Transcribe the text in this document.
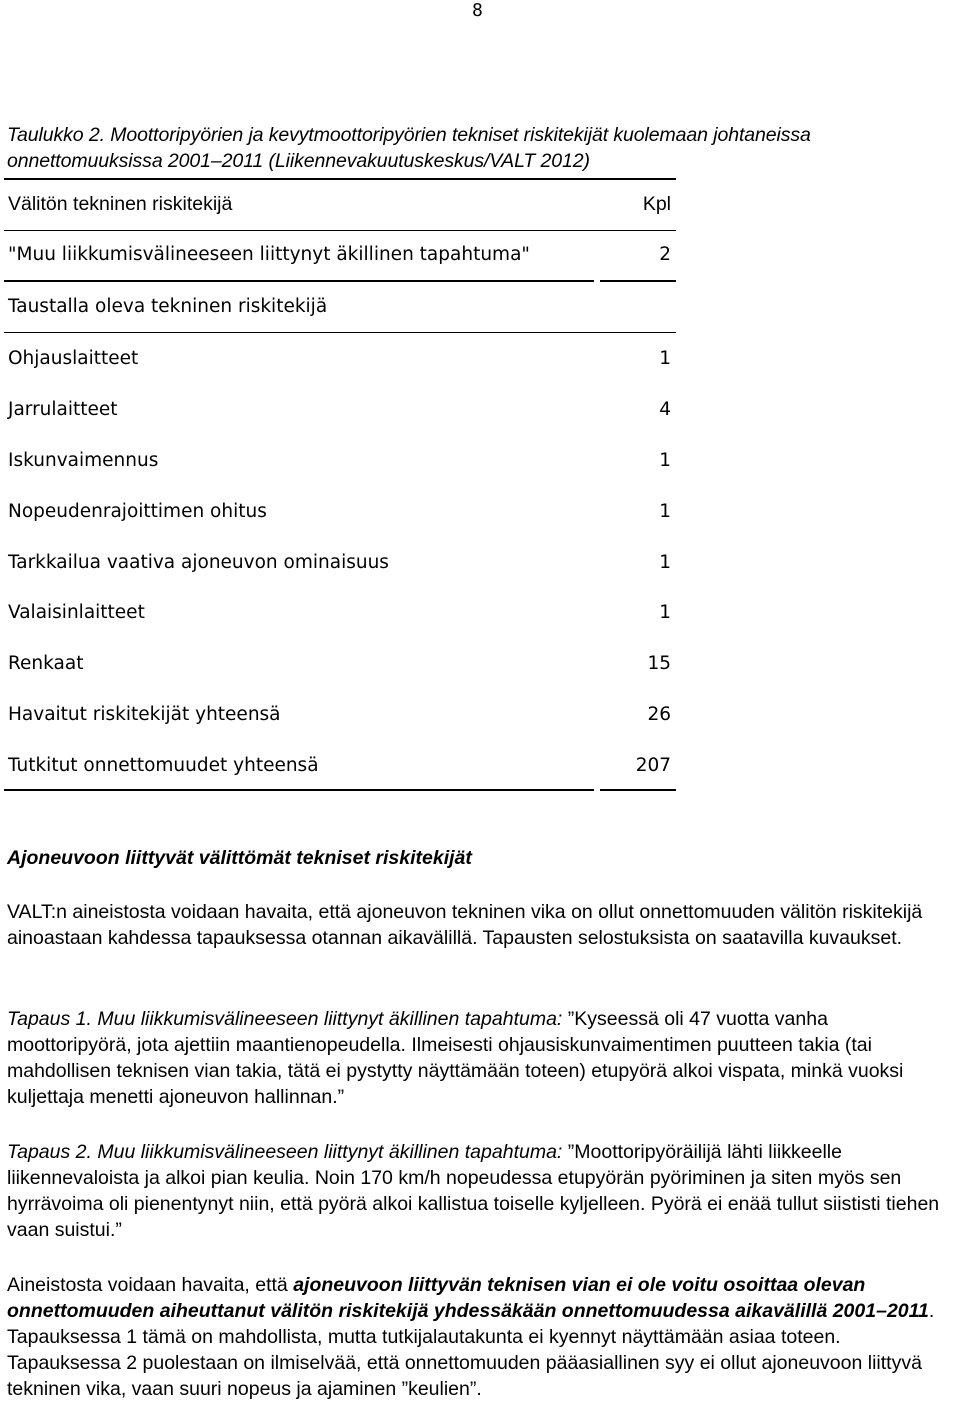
8
Taulukko 2. Moottoripyörien ja kevytmoottoripyörien tekniset riskitekijät kuolemaan johtaneissa onnettomuuksissa 2001–2011 (Liikennevakuutuskeskus/VALT 2012)
Välitön tekninen riskitekijä	Kpl
"Muu liikkumisvälineeseen liittynyt äkillinen tapahtuma"	2
Taustalla oleva tekninen riskitekijä
Ohjauslaitteet	1
Jarrulaitteet	4
Iskunvaimennus	1
Nopeudenrajoittimen ohitus	1
Tarkkailua vaativa ajoneuvon ominaisuus	1
Valaisinlaitteet	1
Renkaat	15
Havaitut riskitekijät yhteensä	26
Tutkitut onnettomuudet yhteensä	207
Ajoneuvoon liittyvät välittömät tekniset riskitekijät
VALT:n aineistosta voidaan havaita, että ajoneuvon tekninen vika on ollut onnettomuuden välitön riskitekijä ainoastaan kahdessa tapauksessa otannan aikavälillä. Tapausten selostuksista on saatavilla kuvaukset.
Tapaus 1. Muu liikkumisvälineeseen liittynyt äkillinen tapahtuma: ”Kyseessä oli 47 vuotta vanha moottoripyörä, jota ajettiin maantienopeudella. Ilmeisesti ohjausiskunvaimentimen puutteen takia (tai mahdollisen teknisen vian takia, tätä ei pystytty näyttämään toteen) etupyörä alkoi vispata, minkä vuoksi kuljettaja menetti ajoneuvon hallinnan.”
Tapaus 2. Muu liikkumisvälineeseen liittynyt äkillinen tapahtuma: ”Moottoripyöräilijä lähti liikkeelle liikennevaloista ja alkoi pian keulia. Noin 170 km/h nopeudessa etupyörän pyöriminen ja siten myös sen hyrrävoima oli pienentynyt niin, että pyörä alkoi kallistua toiselle kyljelleen. Pyörä ei enää tullut siististi tiehen vaan suistui.”
Aineistosta voidaan havaita, että ajoneuvoon liittyvän teknisen vian ei ole voitu osoittaa olevan onnettomuuden aiheuttanut välitön riskitekijä yhdessäkään onnettomuudessa aikavälillä 2001–2011. Tapauksessa 1 tämä on mahdollista, mutta tutkijalautakunta ei kyennyt näyttämään asiaa toteen. Tapauksessa 2 puolestaan on ilmiselvää, että onnettomuuden pääasiallinen syy ei ollut ajoneuvoon liittyvä tekninen vika, vaan suuri nopeus ja ajaminen ”keulien”.
